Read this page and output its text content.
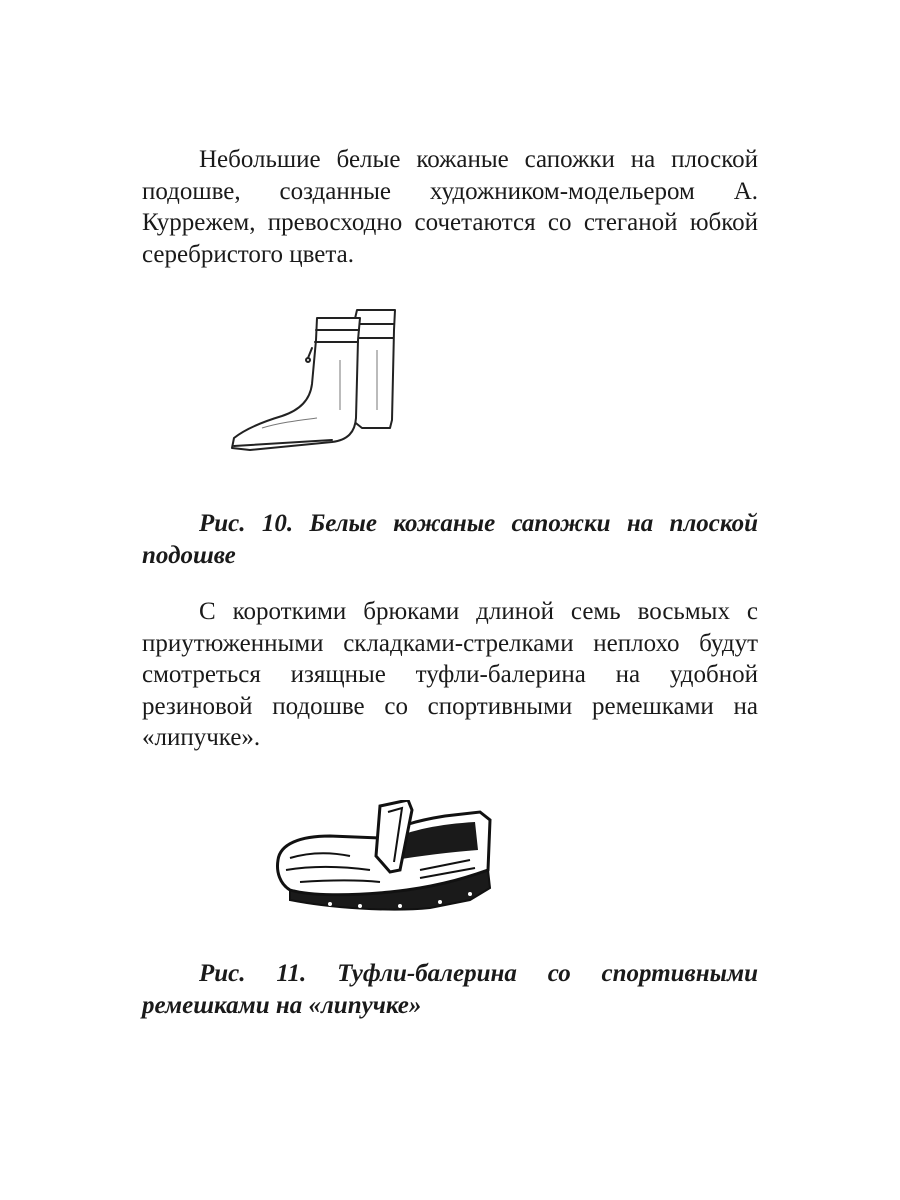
Небольшие белые кожаные сапожки на плоской подошве, созданные художником-модельером А. Куррежем, превосходно сочетаются со стеганой юбкой серебристого цвета.

Рис. 10. Белые кожаные сапожки на плоской подошве

С короткими брюками длиной семь восьмых с приутюженными складками-стрелками неплохо будут смотреться изящные туфли-балерина на удобной резиновой подошве со спортивными ремешками на «липучке».

Рис. 11. Туфли-балерина со спортивными ремешками на «липучке»
